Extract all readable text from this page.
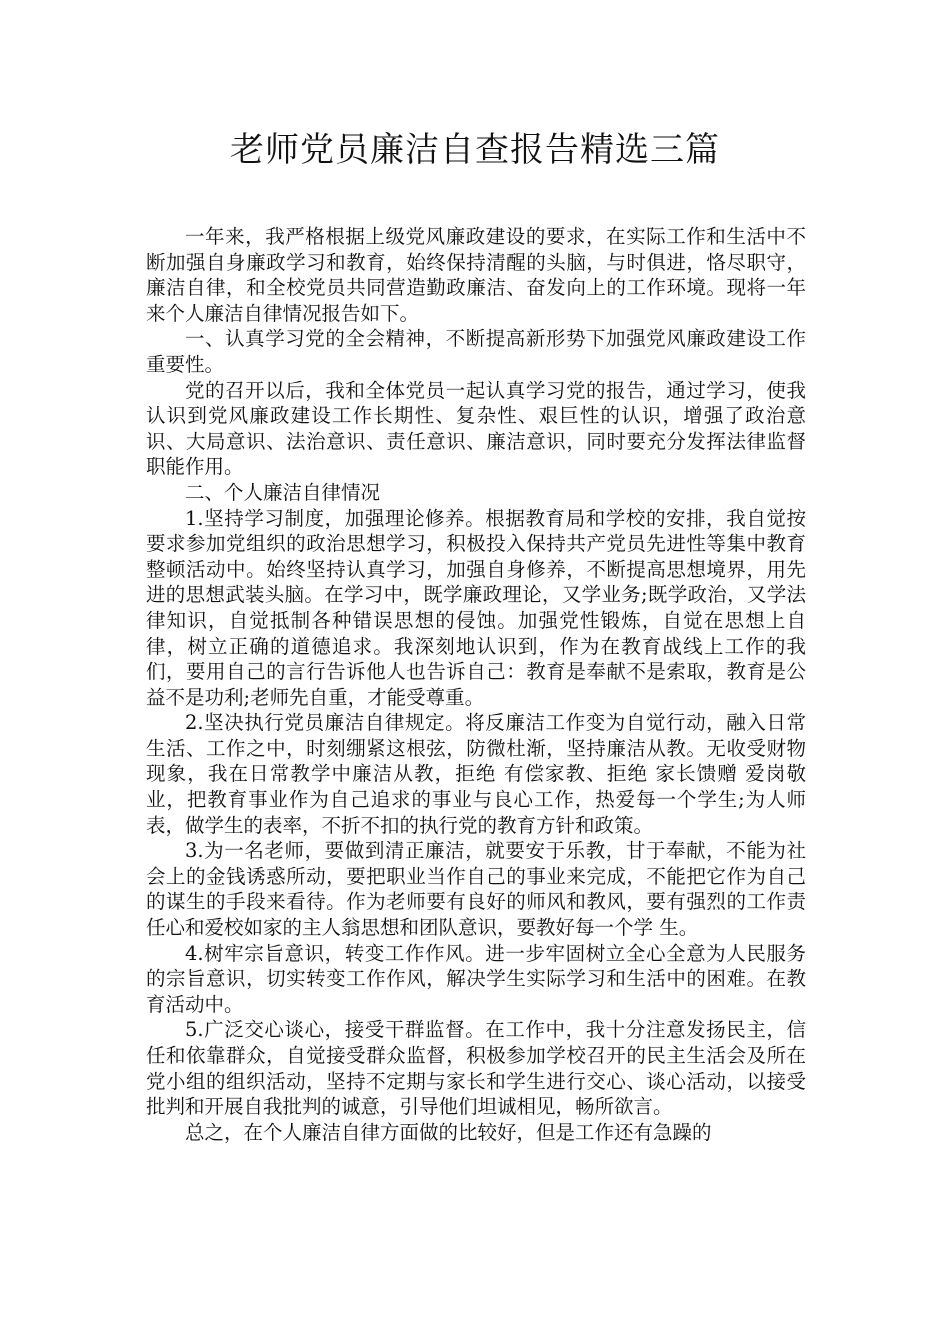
老师党员廉洁自查报告精选三篇

一年来，我严格根据上级党风廉政建设的要求，在实际工作和生活中不断加强自身廉政学习和教育，始终保持清醒的头脑，与时俱进，恪尽职守，廉洁自律，和全校党员共同营造勤政廉洁、奋发向上的工作环境。现将一年来个人廉洁自律情况报告如下。

一、认真学习党的全会精神，不断提高新形势下加强党风廉政建设工作重要性。

党的召开以后，我和全体党员一起认真学习党的报告，通过学习，使我认识到党风廉政建设工作长期性、复杂性、艰巨性的认识，增强了政治意识、大局意识、法治意识、责任意识、廉洁意识，同时要充分发挥法律监督职能作用。

二、个人廉洁自律情况

1.坚持学习制度，加强理论修养。根据教育局和学校的安排，我自觉按要求参加党组织的政治思想学习，积极投入保持共产党员先进性等集中教育整顿活动中。始终坚持认真学习，加强自身修养，不断提高思想境界，用先进的思想武装头脑。在学习中，既学廉政理论，又学业务;既学政治，又学法律知识，自觉抵制各种错误思想的侵蚀。加强党性锻炼，自觉在思想上自律，树立正确的道德追求。我深刻地认识到，作为在教育战线上工作的我们，要用自己的言行告诉他人也告诉自己：教育是奉献不是索取，教育是公益不是功利;老师先自重，才能受尊重。

2.坚决执行党员廉洁自律规定。将反廉洁工作变为自觉行动，融入日常生活、工作之中，时刻绷紧这根弦，防微杜渐，坚持廉洁从教。无收受财物现象，我在日常教学中廉洁从教，拒绝 有偿家教、拒绝 家长馈赠 爱岗敬业，把教育事业作为自己追求的事业与良心工作，热爱每一个学生;为人师表，做学生的表率，不折不扣的执行党的教育方针和政策。

3.为一名老师，要做到清正廉洁，就要安于乐教，甘于奉献，不能为社会上的金钱诱惑所动，要把职业当作自己的事业来完成，不能把它作为自己的谋生的手段来看待。作为老师要有良好的师风和教风，要有强烈的工作责任心和爱校如家的主人翁思想和团队意识，要教好每一个学 生。

4.树牢宗旨意识，转变工作作风。进一步牢固树立全心全意为人民服务的宗旨意识，切实转变工作作风，解决学生实际学习和生活中的困难。在教育活动中。

5.广泛交心谈心，接受干群监督。在工作中，我十分注意发扬民主，信任和依靠群众，自觉接受群众监督，积极参加学校召开的民主生活会及所在党小组的组织活动，坚持不定期与家长和学生进行交心、谈心活动，以接受批判和开展自我批判的诚意，引导他们坦诚相见，畅所欲言。

总之，在个人廉洁自律方面做的比较好，但是工作还有急躁的
